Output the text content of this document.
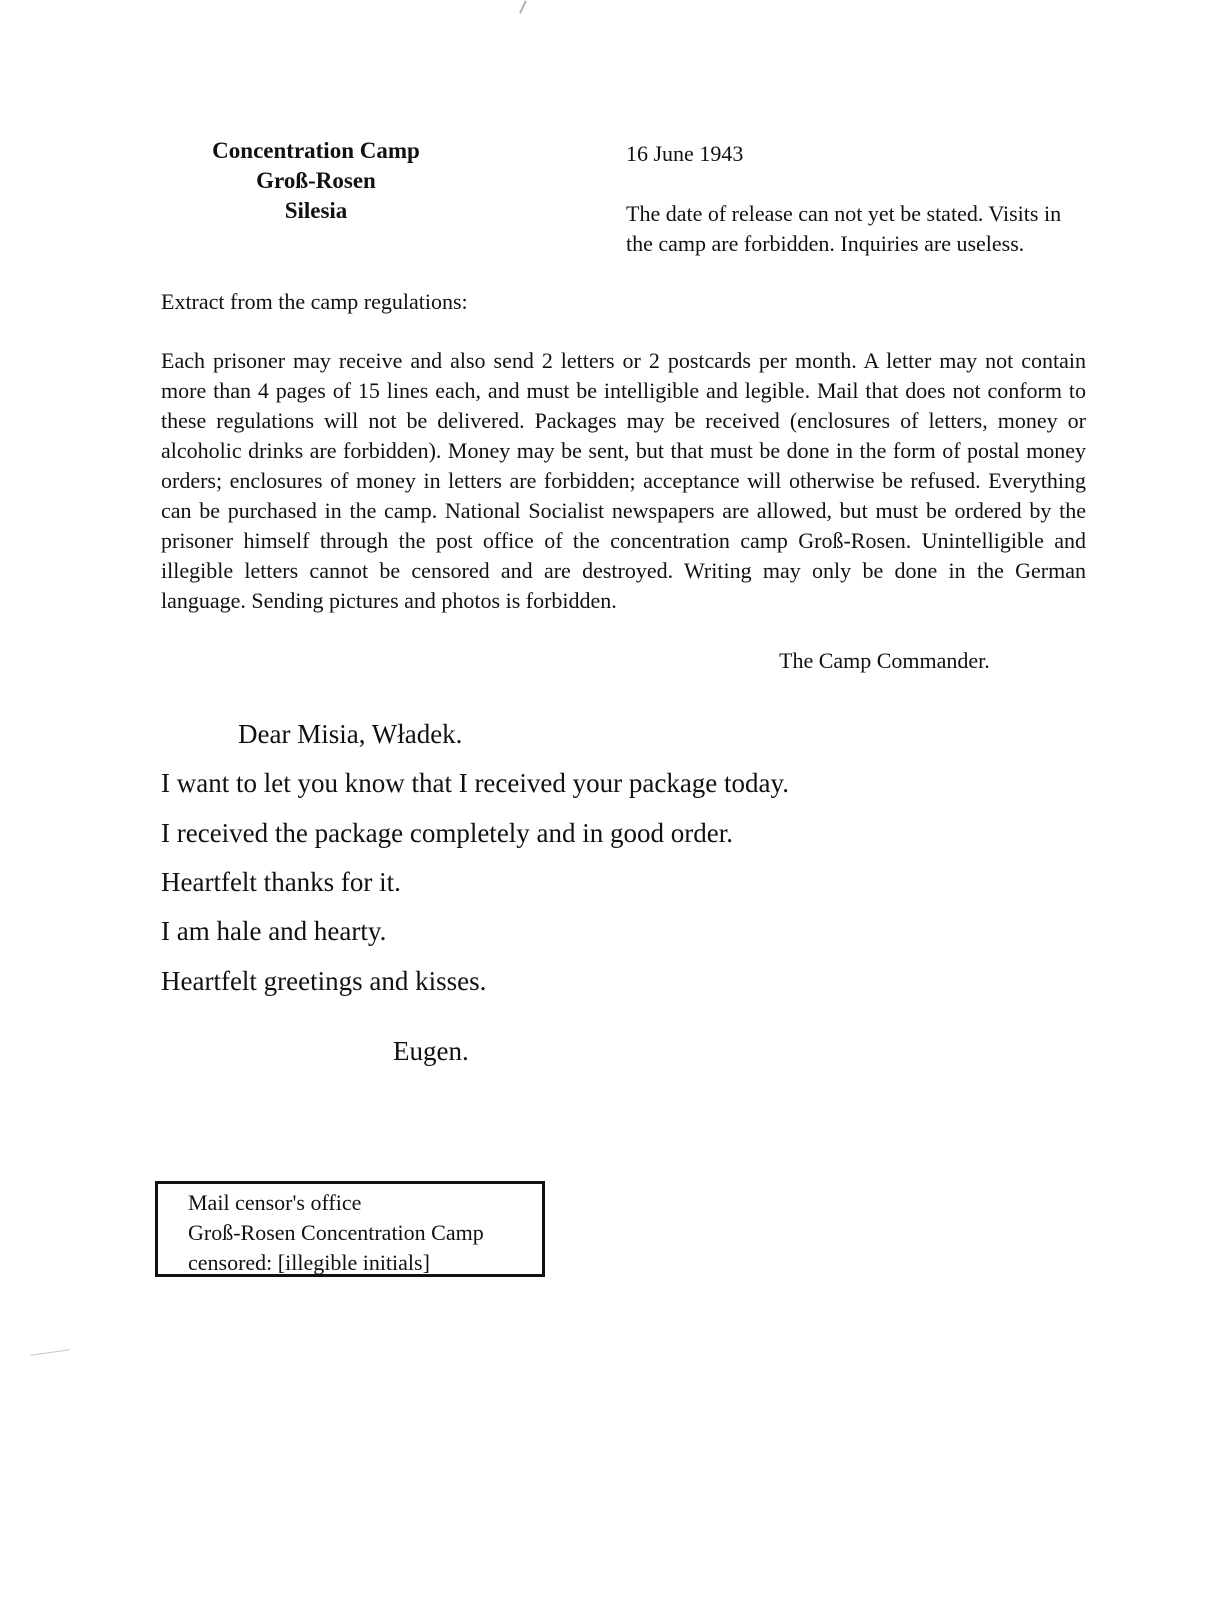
Concentration Camp
Groß-Rosen
Silesia
16 June 1943
The date of release can not yet be stated. Visits in the camp are forbidden. Inquiries are useless.
Extract from the camp regulations:
Each prisoner may receive and also send 2 letters or 2 postcards per month. A letter may not contain more than 4 pages of 15 lines each, and must be intelligible and legible. Mail that does not conform to these regulations will not be delivered. Packages may be received (enclosures of letters, money or alcoholic drinks are forbidden). Money may be sent, but that must be done in the form of postal money orders; enclosures of money in letters are forbidden; acceptance will otherwise be refused. Everything can be purchased in the camp. National Socialist newspapers are allowed, but must be ordered by the prisoner himself through the post office of the concentration camp Groß-Rosen. Unintelligible and illegible letters cannot be censored and are destroyed. Writing may only be done in the German language. Sending pictures and photos is forbidden.
The Camp Commander.
Dear Misia, Władek.
I want to let you know that I received your package today.
I received the package completely and in good order.
Heartfelt thanks for it.
I am hale and hearty.
Heartfelt greetings and kisses.
Eugen.
Mail censor's office
Groß-Rosen Concentration Camp
censored: [illegible initials]
